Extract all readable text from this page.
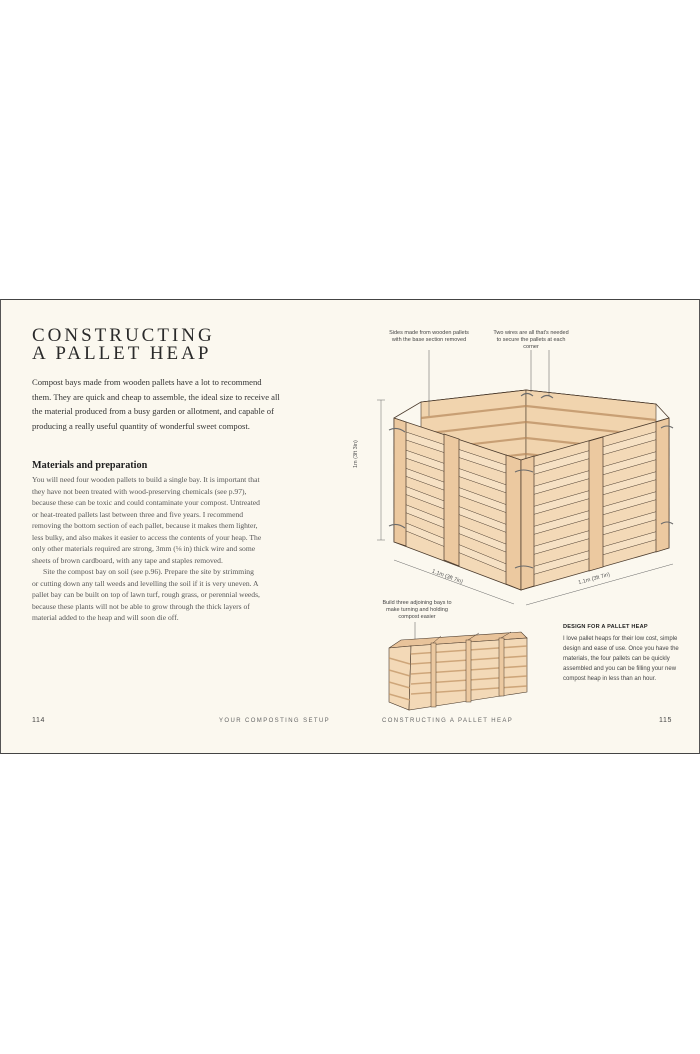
CONSTRUCTING
A PALLET HEAP

Compost bays made from wooden pallets have a lot to recommend them. They are quick and cheap to assemble, the ideal size to receive all the material produced from a busy garden or allotment, and capable of producing a really useful quantity of wonderful sweet compost.

Materials and preparation

You will need four wooden pallets to build a single bay. It is important that they have not been treated with wood-preserving chemicals (see p.97), because these can be toxic and could contaminate your compost. Untreated or heat-treated pallets last between three and five years. I recommend removing the bottom section of each pallet, because it makes them lighter, less bulky, and also makes it easier to access the contents of your heap. The only other materials required are strong, 3mm (⅛ in) thick wire and some sheets of brown cardboard, with any tape and staples removed.

Site the compost bay on soil (see p.96). Prepare the site by strimming or cutting down any tall weeds and levelling the soil if it is very uneven. A pallet bay can be built on top of lawn turf, rough grass, or perennial weeds, because these plants will not be able to grow through the thick layers of material added to the heap and will soon die off.

114	YOUR COMPOSTING SETUP	CONSTRUCTING A PALLET HEAP	115
Sides made from wooden pallets with the base section removed
Two wires are all that's needed to secure the pallets at each corner
Build three adjoining bays to make turning and holding compost easier
1m (3ft 3in)
1.1m (3ft 7in)	1.1m (3ft 7in)
DESIGN FOR A PALLET HEAP
I love pallet heaps for their low cost, simple design and ease of use. Once you have the materials, the four pallets can be quickly assembled and you can be filling your new compost heap in less than an hour.
